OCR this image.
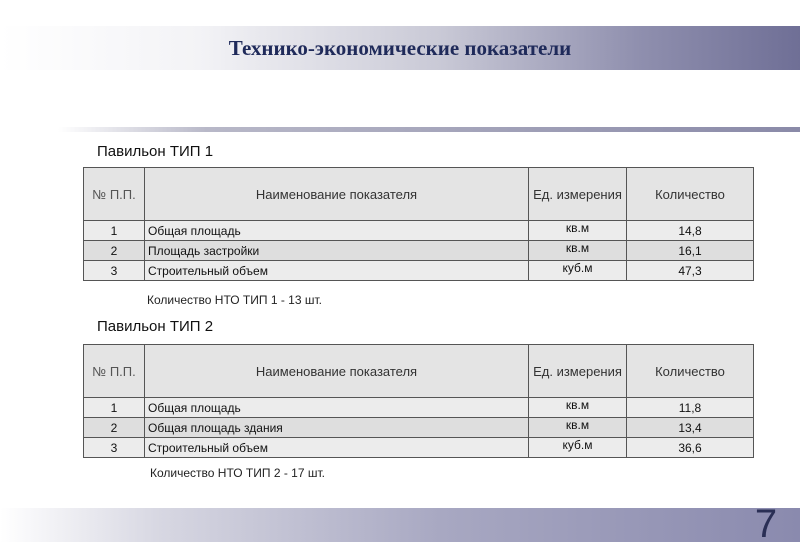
Технико-экономические показатели
Павильон ТИП 1
№ П.П.	Наименование показателя	Ед. измерения	Количество
1	Общая площадь	кв.м	14,8
2	Площадь застройки	кв.м	16,1
3	Строительный объем	куб.м	47,3
Количество НТО ТИП 1 - 13 шт.
Павильон ТИП 2
№ П.П.	Наименование показателя	Ед. измерения	Количество
1	Общая площадь	кв.м	11,8
2	Общая площадь здания	кв.м	13,4
3	Строительный объем	куб.м	36,6
Количество НТО ТИП 2 - 17 шт.
7
